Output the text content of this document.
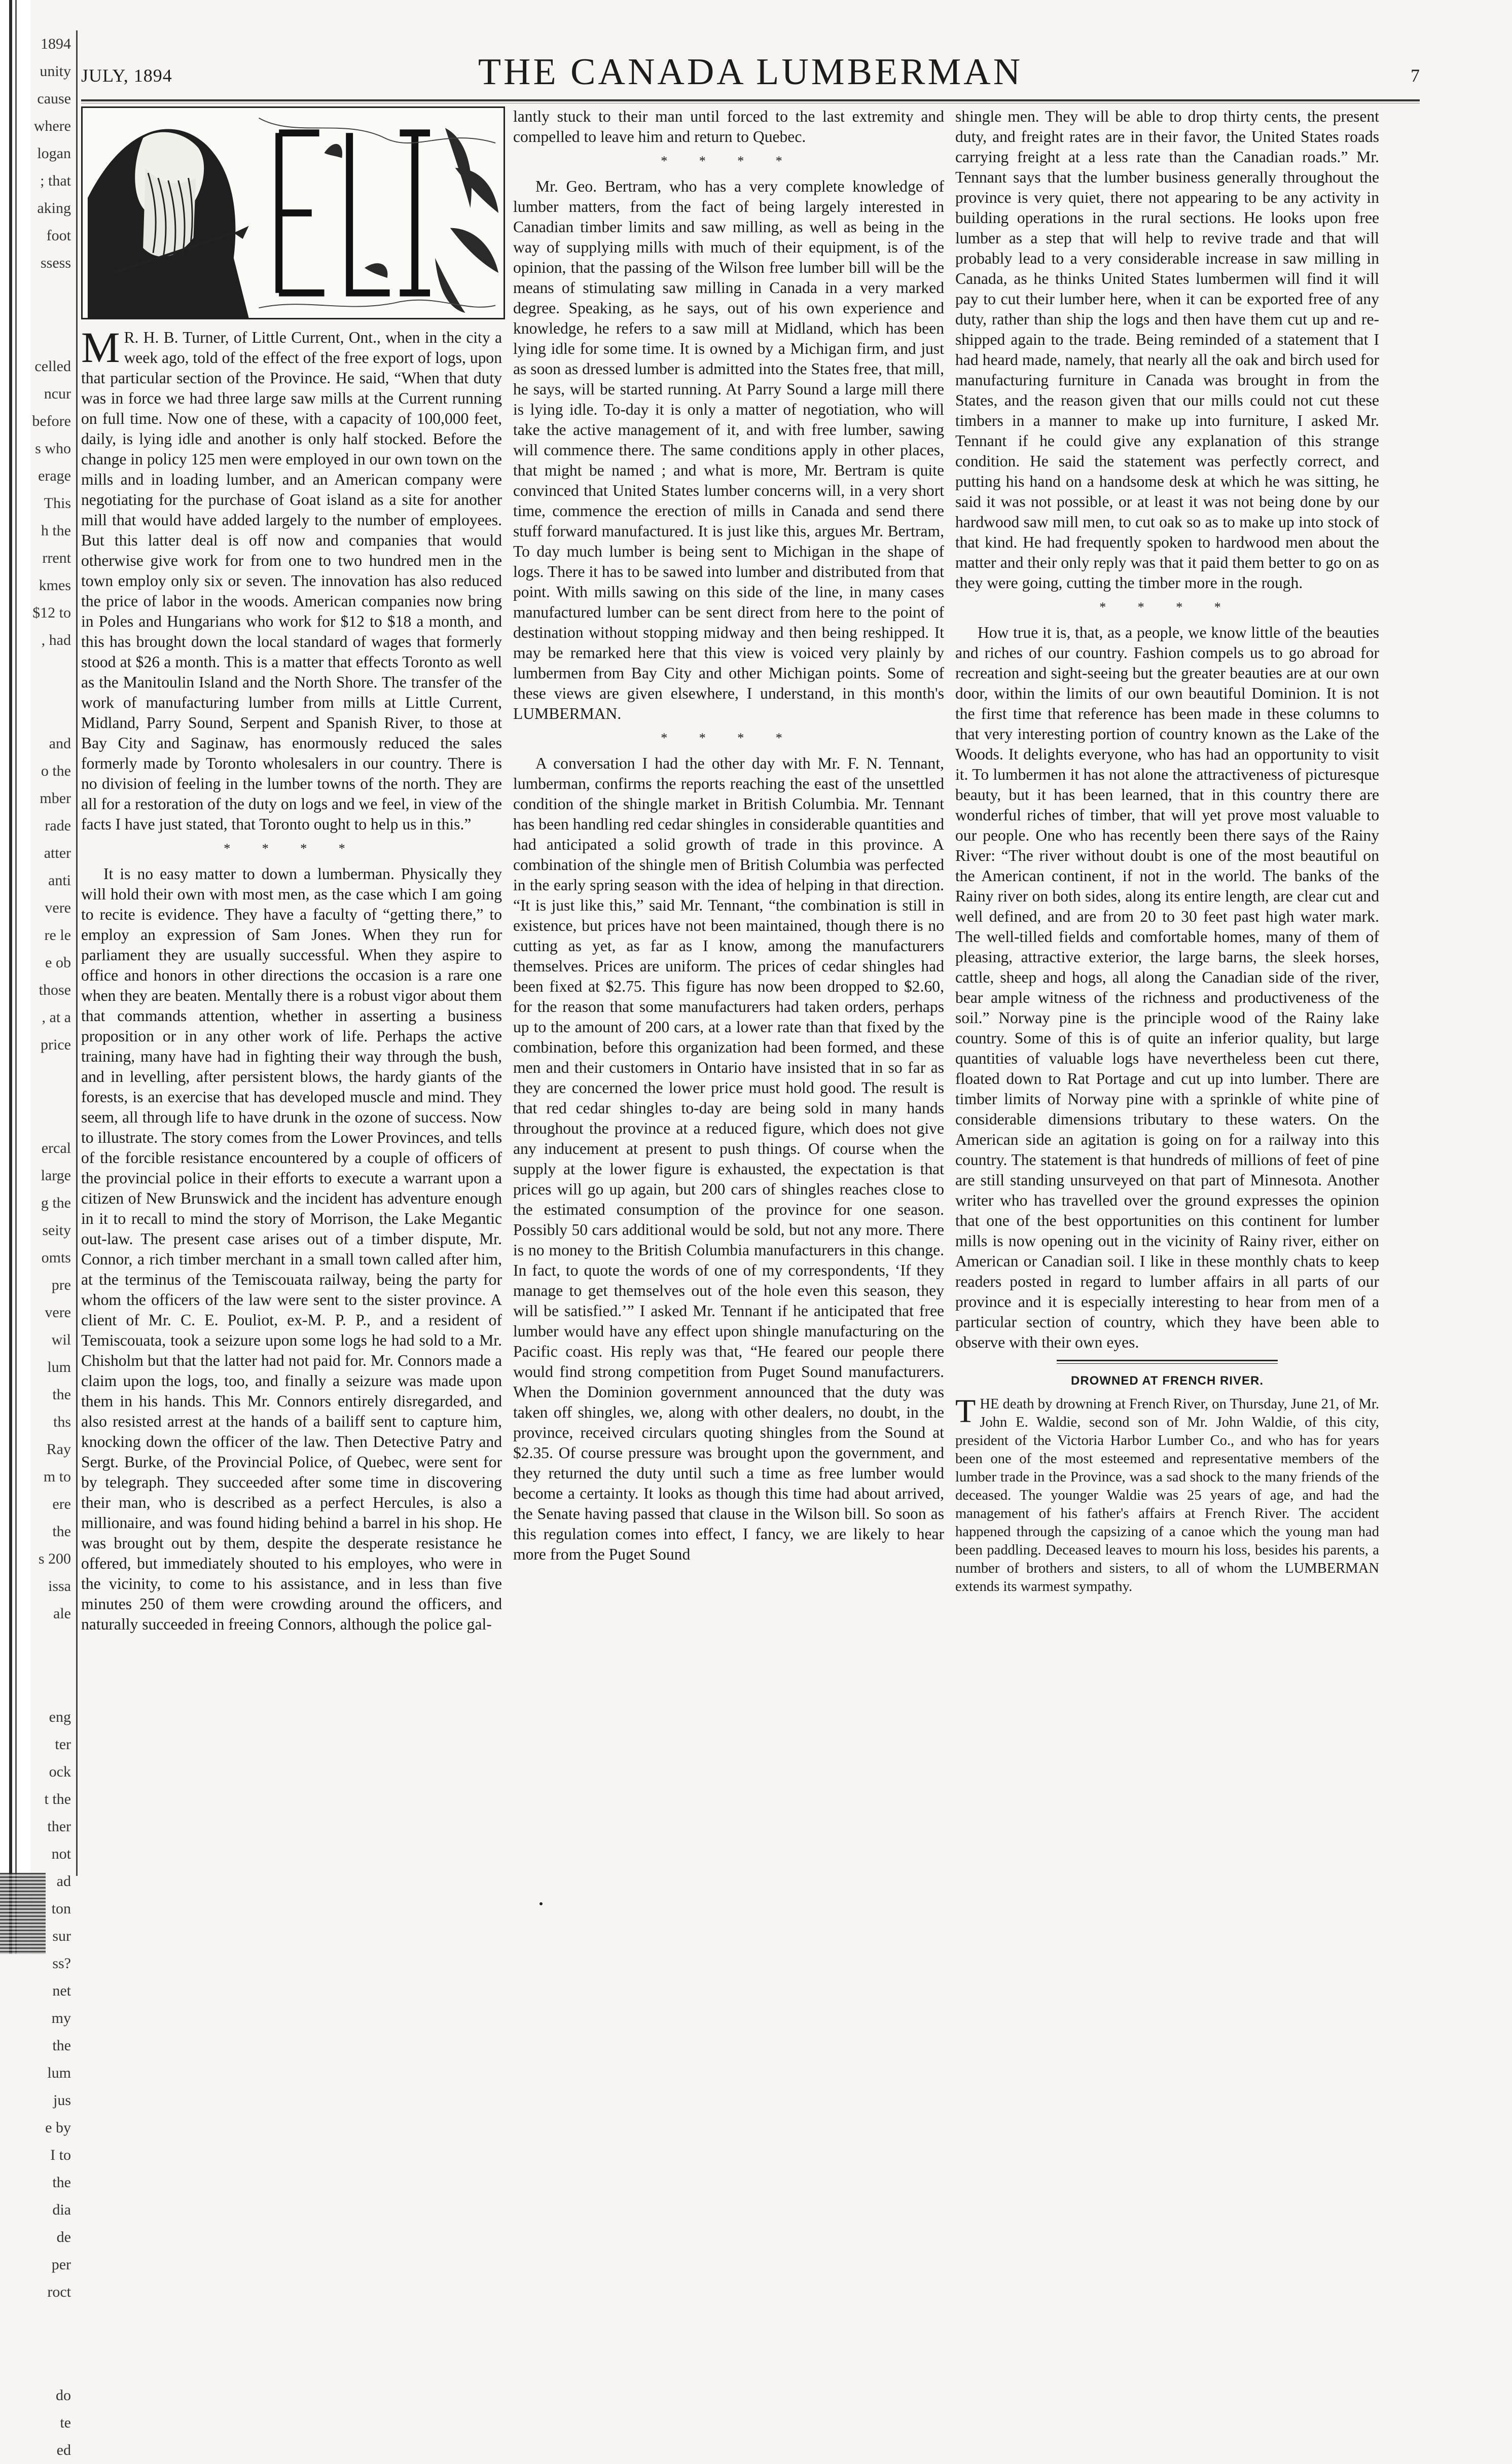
1894
unity
cause
where
logan
; that
aking
foot
ssess
celled
ncur
before
s who
erage
This
h the
rrent
kmes
$12 to
, had
and
o the
mber
rade
atter
anti
vere
re le
e ob
those
, at a
price
ercal
large
g the
seity
omts
pre
vere
wil
lum
the
ths
Ray
m to
ere
the
s 200
issa
ale
eng
ter
ock
t the
ther
not
ad
ton
sur
ss?
net
my
the
lum
jus
e by
I to
the
dia
de
per
roct
do
te
ed
JULY, 1894	THE CANADA LUMBERMAN	7

M R. H. B. Turner, of Little Current, Ont., when in the city a week ago, told of the effect of the free export of logs, upon that particular section of the Province. He said, “When that duty was in force we had three large saw mills at the Current running on full time. Now one of these, with a capacity of 100,000 feet, daily, is lying idle and another is only half stocked. Before the change in policy 125 men were employed in our own town on the mills and in loading lumber, and an American company were negotiating for the purchase of Goat island as a site for another mill that would have added largely to the number of employees. But this latter deal is off now and companies that would otherwise give work for from one to two hundred men in the town employ only six or seven. The innovation has also reduced the price of labor in the woods. American companies now bring in Poles and Hungarians who work for $12 to $18 a month, and this has brought down the local standard of wages that formerly stood at $26 a month. This is a matter that effects Toronto as well as the Manitoulin Island and the North Shore. The transfer of the work of manufacturing lumber from mills at Little Current, Midland, Parry Sound, Serpent and Spanish River, to those at Bay City and Saginaw, has enormously reduced the sales formerly made by Toronto wholesalers in our country. There is no division of feeling in the lumber towns of the north. They are all for a restoration of the duty on logs and we feel, in view of the facts I have just stated, that Toronto ought to help us in this.”

* * * *

It is no easy matter to down a lumberman. Physically they will hold their own with most men, as the case which I am going to recite is evidence. They have a faculty of “getting there,” to employ an expression of Sam Jones. When they run for parliament they are usually successful. When they aspire to office and honors in other directions the occasion is a rare one when they are beaten. Mentally there is a robust vigor about them that commands attention, whether in asserting a business proposition or in any other work of life. Perhaps the active training, many have had in fighting their way through the bush, and in levelling, after persistent blows, the hardy giants of the forests, is an exercise that has developed muscle and mind. They seem, all through life to have drunk in the ozone of success. Now to illustrate. The story comes from the Lower Provinces, and tells of the forcible resistance encountered by a couple of officers of the provincial police in their efforts to execute a warrant upon a citizen of New Brunswick and the incident has adventure enough in it to recall to mind the story of Morrison, the Lake Megantic out-law. The present case arises out of a timber dispute, Mr. Connor, a rich timber merchant in a small town called after him, at the terminus of the Temiscouata railway, being the party for whom the officers of the law were sent to the sister province. A client of Mr. C. E. Pouliot, ex-M. P. P., and a resident of Temiscouata, took a seizure upon some logs he had sold to a Mr. Chisholm but that the latter had not paid for. Mr. Connors made a claim upon the logs, too, and finally a seizure was made upon them in his hands. This Mr. Connors entirely disregarded, and also resisted arrest at the hands of a bailiff sent to capture him, knocking down the officer of the law. Then Detective Patry and Sergt. Burke, of the Provincial Police, of Quebec, were sent for by telegraph. They succeeded after some time in discovering their man, who is described as a perfect Hercules, is also a millionaire, and was found hiding behind a barrel in his shop. He was brought out by them, despite the desperate resistance he offered, but immediately shouted to his employes, who were in the vicinity, to come to his assistance, and in less than five minutes 250 of them were crowding around the officers, and naturally succeeded in freeing Connors, although the police gal-

lantly stuck to their man until forced to the last extremity and compelled to leave him and return to Quebec.

* * * *

Mr. Geo. Bertram, who has a very complete knowledge of lumber matters, from the fact of being largely interested in Canadian timber limits and saw milling, as well as being in the way of supplying mills with much of their equipment, is of the opinion, that the passing of the Wilson free lumber bill will be the means of stimulating saw milling in Canada in a very marked degree. Speaking, as he says, out of his own experience and knowledge, he refers to a saw mill at Midland, which has been lying idle for some time. It is owned by a Michigan firm, and just as soon as dressed lumber is admitted into the States free, that mill, he says, will be started running. At Parry Sound a large mill there is lying idle. To-day it is only a matter of negotiation, who will take the active management of it, and with free lumber, sawing will commence there. The same conditions apply in other places, that might be named ; and what is more, Mr. Bertram is quite convinced that United States lumber concerns will, in a very short time, commence the erection of mills in Canada and send there stuff forward manufactured. It is just like this, argues Mr. Bertram, To day much lumber is being sent to Michigan in the shape of logs. There it has to be sawed into lumber and distributed from that point. With mills sawing on this side of the line, in many cases manufactured lumber can be sent direct from here to the point of destination without stopping midway and then being reshipped. It may be remarked here that this view is voiced very plainly by lumbermen from Bay City and other Michigan points. Some of these views are given elsewhere, I understand, in this month's LUMBERMAN.

* * * *

A conversation I had the other day with Mr. F. N. Tennant, lumberman, confirms the reports reaching the east of the unsettled condition of the shingle market in British Columbia. Mr. Tennant has been handling red cedar shingles in considerable quantities and had anticipated a solid growth of trade in this province. A combination of the shingle men of British Columbia was perfected in the early spring season with the idea of helping in that direction. “It is just like this,” said Mr. Tennant, “the combination is still in existence, but prices have not been maintained, though there is no cutting as yet, as far as I know, among the manufacturers themselves. Prices are uniform. The prices of cedar shingles had been fixed at $2.75. This figure has now been dropped to $2.60, for the reason that some manufacturers had taken orders, perhaps up to the amount of 200 cars, at a lower rate than that fixed by the combination, before this organization had been formed, and these men and their customers in Ontario have insisted that in so far as they are concerned the lower price must hold good. The result is that red cedar shingles to-day are being sold in many hands throughout the province at a reduced figure, which does not give any inducement at present to push things. Of course when the supply at the lower figure is exhausted, the expectation is that prices will go up again, but 200 cars of shingles reaches close to the estimated consumption of the province for one season. Possibly 50 cars additional would be sold, but not any more. There is no money to the British Columbia manufacturers in this change. In fact, to quote the words of one of my correspondents, ‘If they manage to get themselves out of the hole even this season, they will be satisfied.’” I asked Mr. Tennant if he anticipated that free lumber would have any effect upon shingle manufacturing on the Pacific coast. His reply was that, “He feared our people there would find strong competition from Puget Sound manufacturers. When the Dominion government announced that the duty was taken off shingles, we, along with other dealers, no doubt, in the province, received circulars quoting shingles from the Sound at $2.35. Of course pressure was brought upon the government, and they returned the duty until such a time as free lumber would become a certainty. It looks as though this time had about arrived, the Senate having passed that clause in the Wilson bill. So soon as this regulation comes into effect, I fancy, we are likely to hear more from the Puget Sound

shingle men. They will be able to drop thirty cents, the present duty, and freight rates are in their favor, the United States roads carrying freight at a less rate than the Canadian roads.” Mr. Tennant says that the lumber business generally throughout the province is very quiet, there not appearing to be any activity in building operations in the rural sections. He looks upon free lumber as a step that will help to revive trade and that will probably lead to a very considerable increase in saw milling in Canada, as he thinks United States lumbermen will find it will pay to cut their lumber here, when it can be exported free of any duty, rather than ship the logs and then have them cut up and re-shipped again to the trade. Being reminded of a statement that I had heard made, namely, that nearly all the oak and birch used for manufacturing furniture in Canada was brought in from the States, and the reason given that our mills could not cut these timbers in a manner to make up into furniture, I asked Mr. Tennant if he could give any explanation of this strange condition. He said the statement was perfectly correct, and putting his hand on a handsome desk at which he was sitting, he said it was not possible, or at least it was not being done by our hardwood saw mill men, to cut oak so as to make up into stock of that kind. He had frequently spoken to hardwood men about the matter and their only reply was that it paid them better to go on as they were going, cutting the timber more in the rough.

* * * *

How true it is, that, as a people, we know little of the beauties and riches of our country. Fashion compels us to go abroad for recreation and sight-seeing but the greater beauties are at our own door, within the limits of our own beautiful Dominion. It is not the first time that reference has been made in these columns to that very interesting portion of country known as the Lake of the Woods. It delights everyone, who has had an opportunity to visit it. To lumbermen it has not alone the attractiveness of picturesque beauty, but it has been learned, that in this country there are wonderful riches of timber, that will yet prove most valuable to our people. One who has recently been there says of the Rainy River: “The river without doubt is one of the most beautiful on the American continent, if not in the world. The banks of the Rainy river on both sides, along its entire length, are clear cut and well defined, and are from 20 to 30 feet past high water mark. The well-tilled fields and comfortable homes, many of them of pleasing, attractive exterior, the large barns, the sleek horses, cattle, sheep and hogs, all along the Canadian side of the river, bear ample witness of the richness and productiveness of the soil.” Norway pine is the principle wood of the Rainy lake country. Some of this is of quite an inferior quality, but large quantities of valuable logs have nevertheless been cut there, floated down to Rat Portage and cut up into lumber. There are timber limits of Norway pine with a sprinkle of white pine of considerable dimensions tributary to these waters. On the American side an agitation is going on for a railway into this country. The statement is that hundreds of millions of feet of pine are still standing unsurveyed on that part of Minnesota. Another writer who has travelled over the ground expresses the opinion that one of the best opportunities on this continent for lumber mills is now opening out in the vicinity of Rainy river, either on American or Canadian soil. I like in these monthly chats to keep readers posted in regard to lumber affairs in all parts of our province and it is especially interesting to hear from men of a particular section of country, which they have been able to observe with their own eyes.

DROWNED AT FRENCH RIVER.

THE death by drowning at French River, on Thursday, June 21, of Mr. John E. Waldie, second son of Mr. John Waldie, of this city, president of the Victoria Harbor Lumber Co., and who has for years been one of the most esteemed and representative members of the lumber trade in the Province, was a sad shock to the many friends of the deceased. The younger Waldie was 25 years of age, and had the management of his father's affairs at French River. The accident happened through the capsizing of a canoe which the young man had been paddling. Deceased leaves to mourn his loss, besides his parents, a number of brothers and sisters, to all of whom the LUMBERMAN extends its warmest sympathy.
